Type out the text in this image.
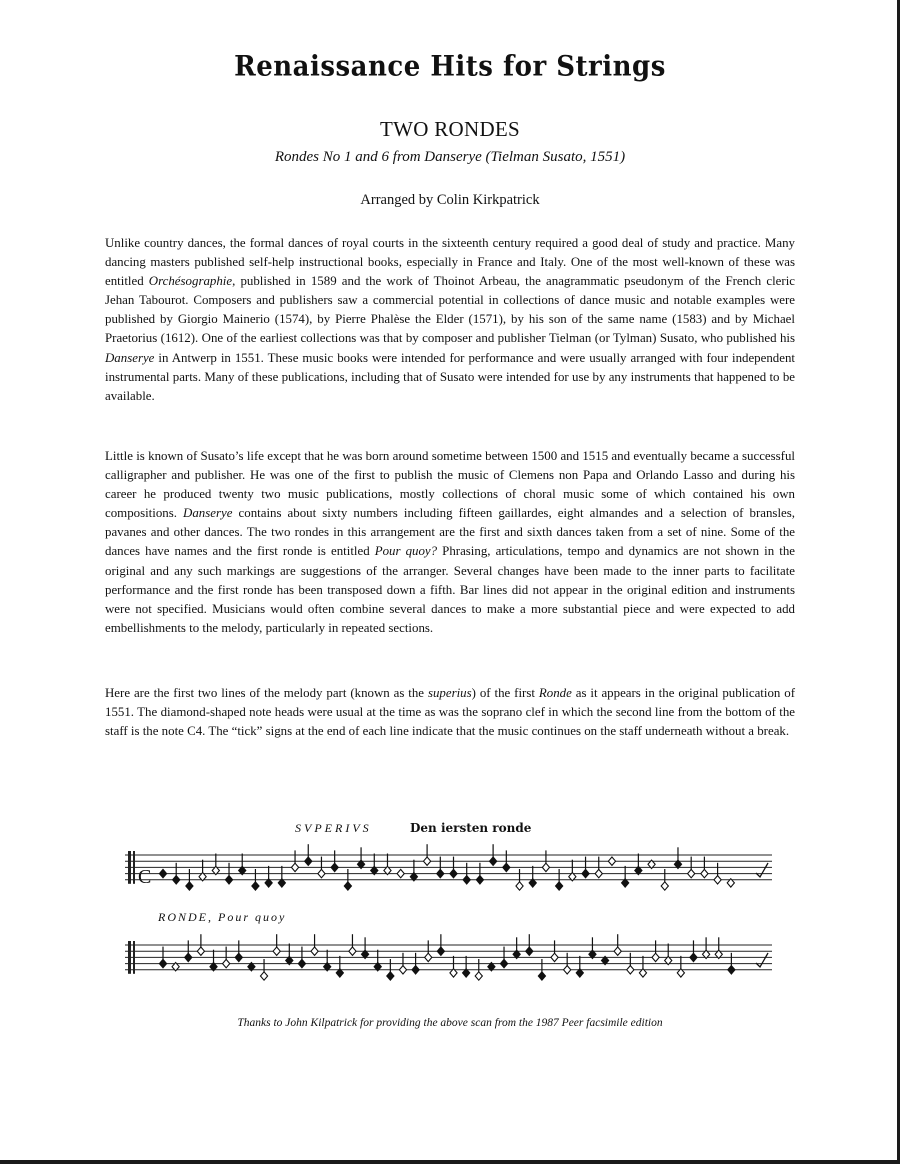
Renaissance Hits for Strings
TWO RONDES
Rondes No 1 and 6 from Danserye (Tielman Susato, 1551)
Arranged by Colin Kirkpatrick
Unlike country dances, the formal dances of royal courts in the sixteenth century required a good deal of study and practice. Many dancing masters published self-help instructional books, especially in France and Italy. One of the most well-known of these was entitled Orchésographie, published in 1589 and the work of Thoinot Arbeau, the anagrammatic pseudonym of the French cleric Jehan Tabourot. Composers and publishers saw a commercial potential in collections of dance music and notable examples were published by Giorgio Mainerio (1574), by Pierre Phalèse the Elder (1571), by his son of the same name (1583) and by Michael Praetorius (1612). One of the earliest collections was that by composer and publisher Tielman (or Tylman) Susato, who published his Danserye in Antwerp in 1551. These music books were intended for performance and were usually arranged with four independent instrumental parts. Many of these publications, including that of Susato were intended for use by any instruments that happened to be available.
Little is known of Susato’s life except that he was born around sometime between 1500 and 1515 and eventually became a successful calligrapher and publisher. He was one of the first to publish the music of Clemens non Papa and Orlando Lasso and during his career he produced twenty two music publications, mostly collections of choral music some of which contained his own compositions. Danserye contains about sixty numbers including fifteen gaillardes, eight almandes and a selection of bransles, pavanes and other dances. The two rondes in this arrangement are the first and sixth dances taken from a set of nine. Some of the dances have names and the first ronde is entitled Pour quoy? Phrasing, articulations, tempo and dynamics are not shown in the original and any such markings are suggestions of the arranger. Several changes have been made to the inner parts to facilitate performance and the first ronde has been transposed down a fifth. Bar lines did not appear in the original edition and instruments were not specified. Musicians would often combine several dances to make a more substantial piece and were expected to add embellishments to the melody, particularly in repeated sections.
Here are the first two lines of the melody part (known as the superius) of the first Ronde as it appears in the original publication of 1551. The diamond-shaped note heads were usual at the time as was the soprano clef in which the second line from the bottom of the staff is the note C4. The “tick” signs at the end of each line indicate that the music continues on the staff underneath without a break.
SVPERIVS	Den iersten ronde
RONDE, Pour quoy
C
Thanks to John Kilpatrick for providing the above scan from the 1987 Peer facsimile edition
